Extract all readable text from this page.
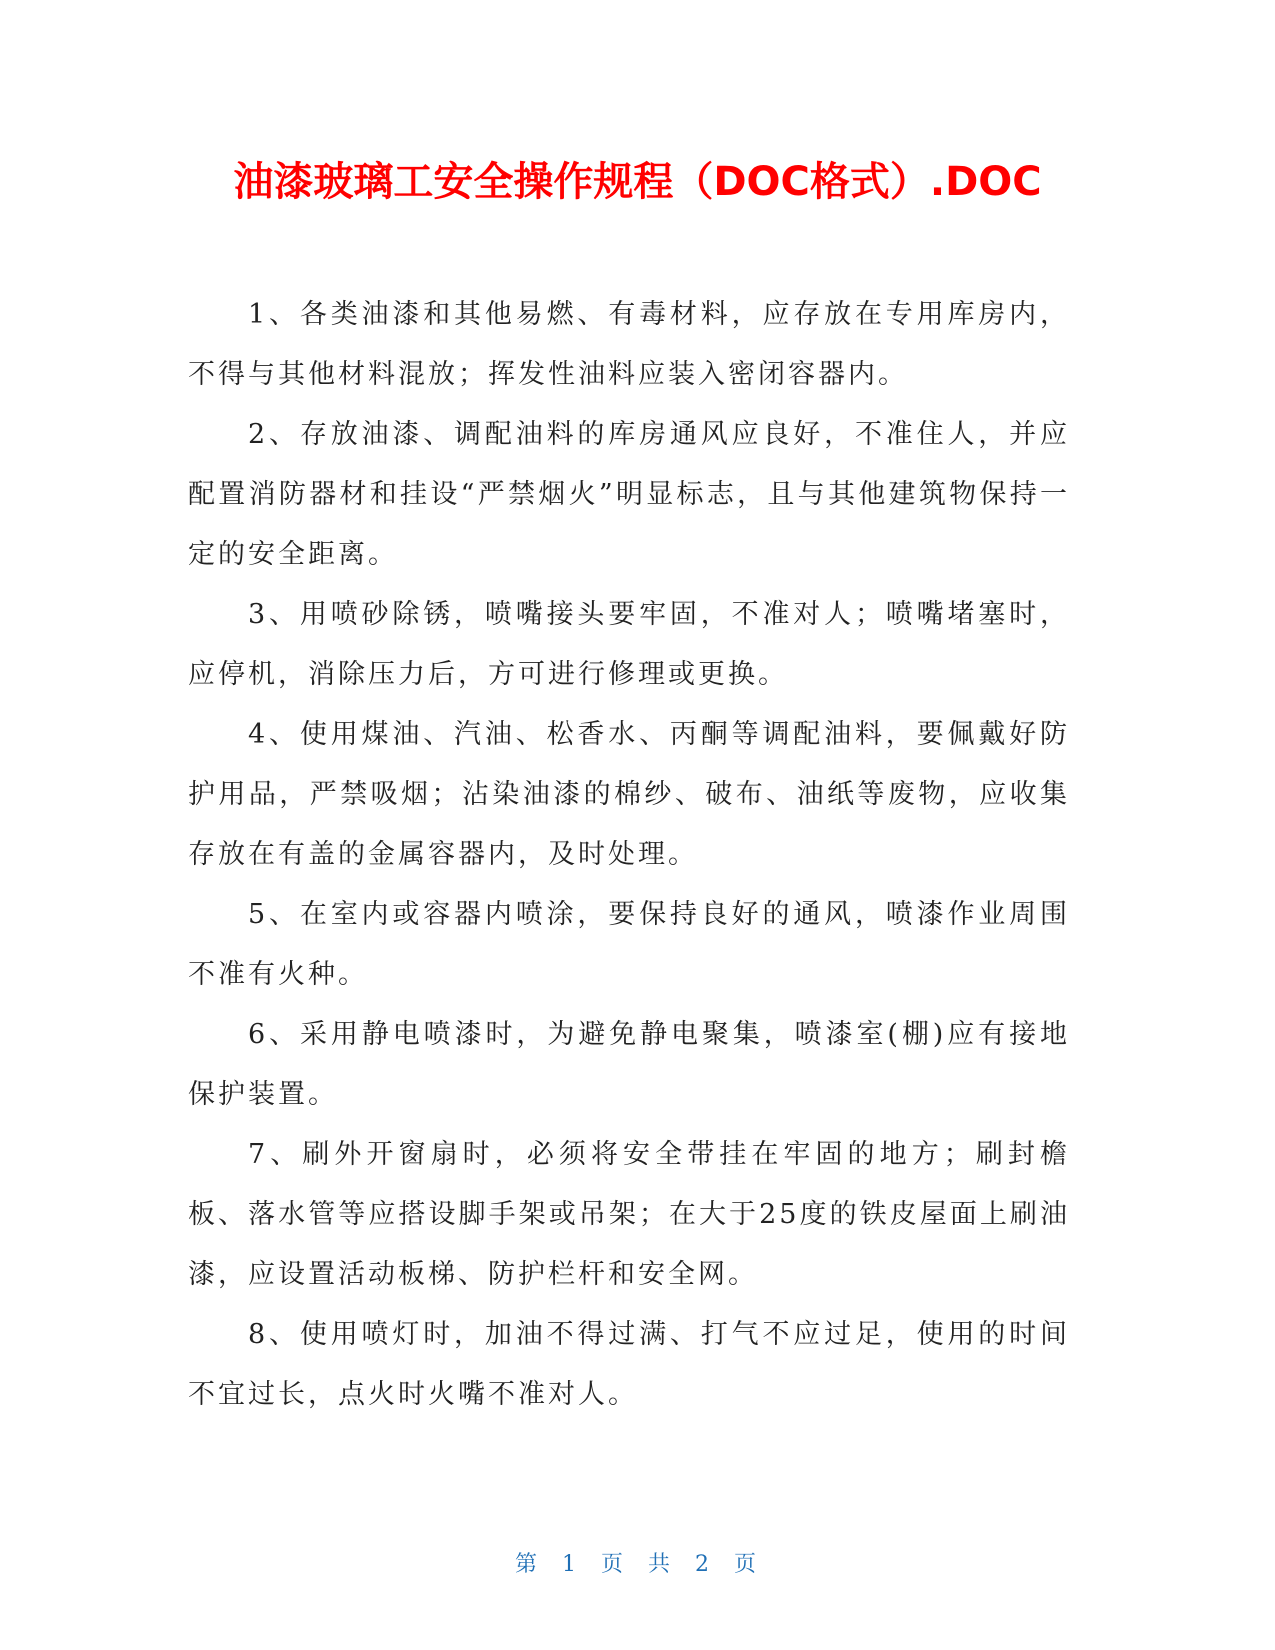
油漆玻璃工安全操作规程（DOC格式）.DOC

1、各类油漆和其他易燃、有毒材料，应存放在专用库房内，不得与其他材料混放；挥发性油料应装入密闭容器内。

2、存放油漆、调配油料的库房通风应良好，不准住人，并应配置消防器材和挂设“严禁烟火”明显标志，且与其他建筑物保持一定的安全距离。

3、用喷砂除锈，喷嘴接头要牢固，不准对人；喷嘴堵塞时，应停机，消除压力后，方可进行修理或更换。

4、使用煤油、汽油、松香水、丙酮等调配油料，要佩戴好防护用品，严禁吸烟；沾染油漆的棉纱、破布、油纸等废物，应收集存放在有盖的金属容器内，及时处理。

5、在室内或容器内喷涂，要保持良好的通风，喷漆作业周围不准有火种。

6、采用静电喷漆时，为避免静电聚集，喷漆室(棚)应有接地保护装置。

7、刷外开窗扇时，必须将安全带挂在牢固的地方；刷封檐板、落水管等应搭设脚手架或吊架；在大于25度的铁皮屋面上刷油漆，应设置活动板梯、防护栏杆和安全网。

8、使用喷灯时，加油不得过满、打气不应过足，使用的时间不宜过长，点火时火嘴不准对人。

第 1 页 共 2 页
